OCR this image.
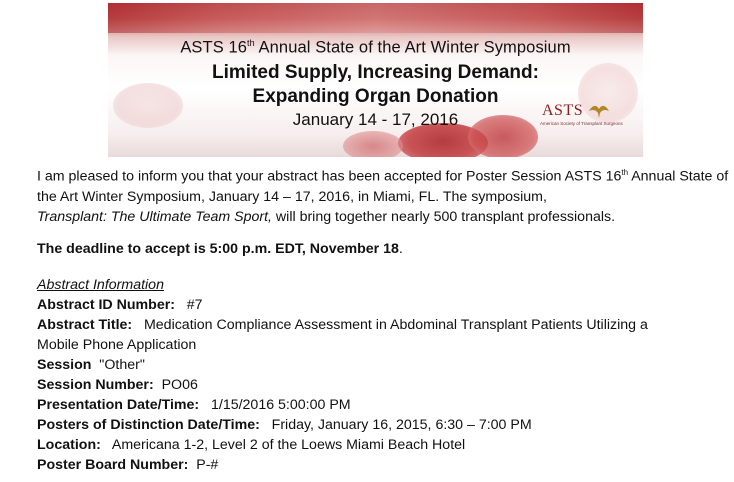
ASTS 16th Annual State of the Art Winter Symposium
Limited Supply, Increasing Demand:
Expanding Organ Donation
January 14 - 17, 2016	ASTS
American Society of Transplant Surgeons
I am pleased to inform you that your abstract has been accepted for Poster Session ASTS 16th Annual State of the Art Winter Symposium, January 14 – 17, 2016, in Miami, FL. The symposium,
Transplant: The Ultimate Team Sport, will bring together nearly 500 transplant professionals.
The deadline to accept is 5:00 p.m. EDT, November 18.
Abstract Information
Abstract ID Number:   #7
Abstract Title:   Medication Compliance Assessment in Abdominal Transplant Patients Utilizing a
Mobile Phone Application
Session  "Other"
Session Number:  PO06
Presentation Date/Time:   1/15/2016 5:00:00 PM
Posters of Distinction Date/Time:   Friday, January 16, 2015, 6:30 – 7:00 PM
Location:   Americana 1-2, Level 2 of the Loews Miami Beach Hotel
Poster Board Number:  P-#
